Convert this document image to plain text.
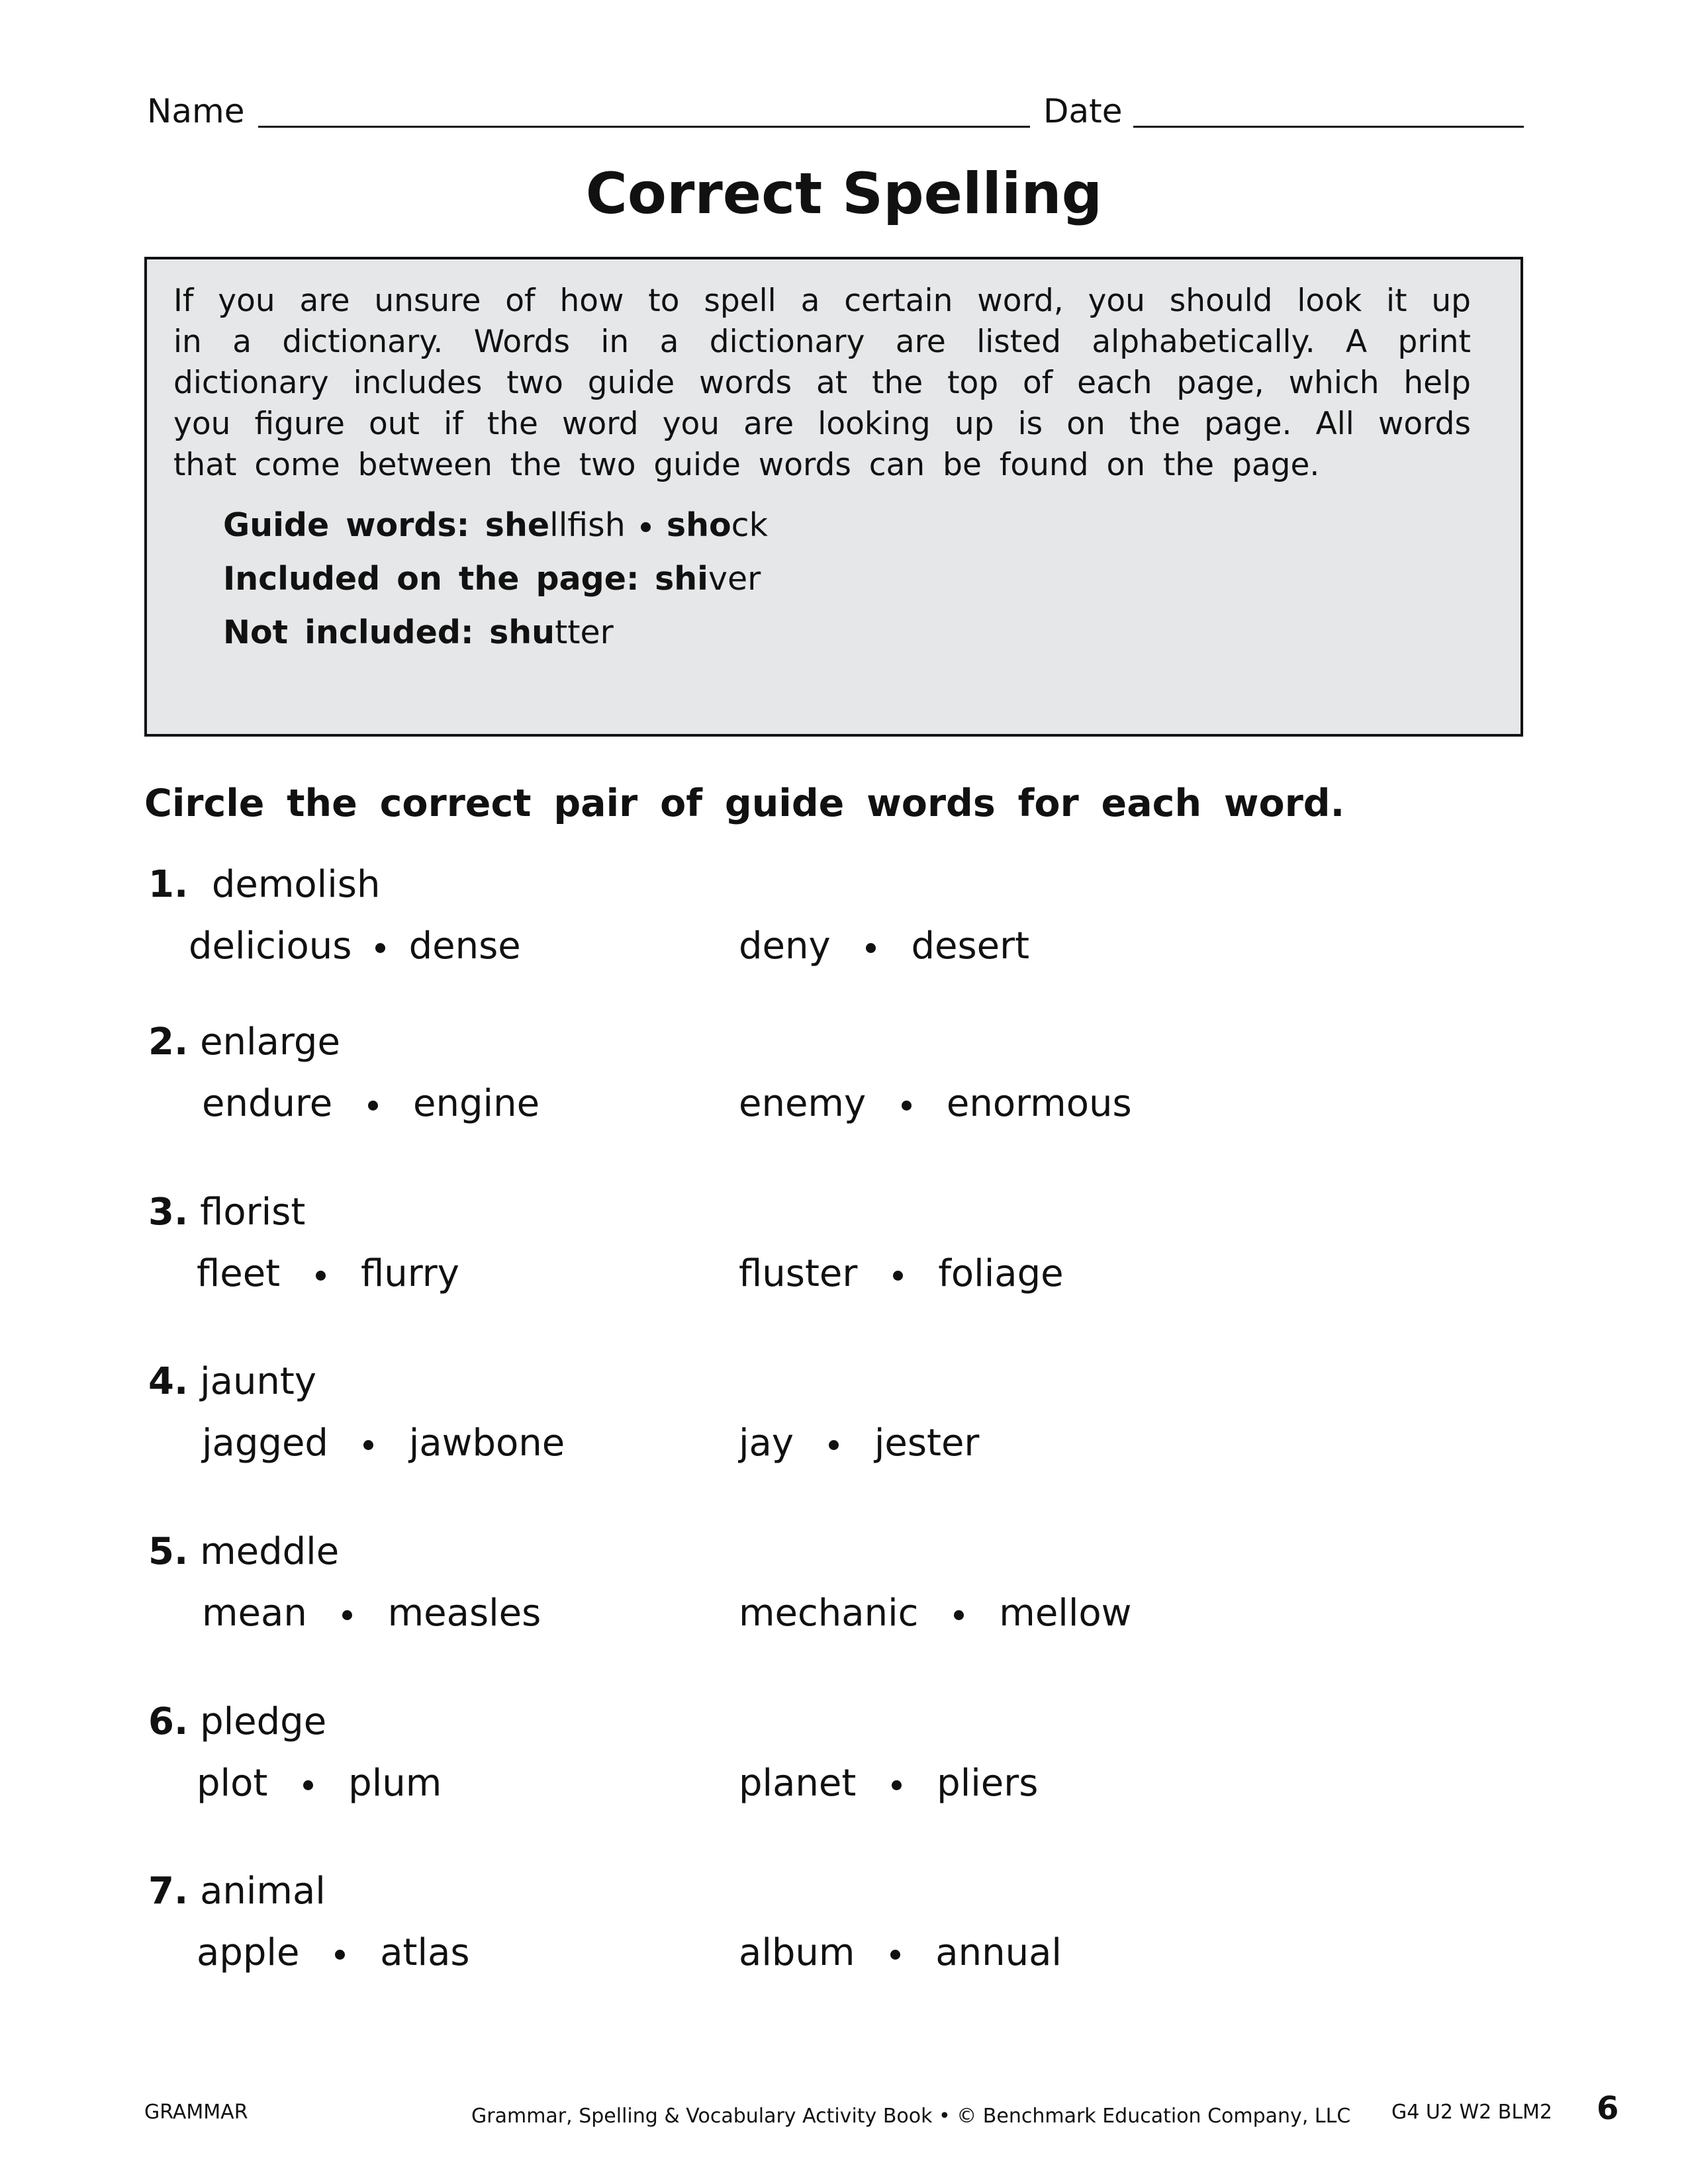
Name	Date
Correct Spelling
If you are unsure of how to spell a certain word, you should look it up
in a dictionary. Words in a dictionary are listed alphabetically. A print
dictionary includes two guide words at the top of each page, which help
you figure out if the word you are looking up is on the page. All words
that come between the two guide words can be found on the page.
Guide words: shellfish shock
Included on the page: shiver
Not included: shutter
Circle the correct pair of guide words for each word.
1. demolish
delicious dense	deny desert
2. enlarge
endure engine	enemy enormous
3. florist
fleet flurry	fluster foliage
4. jaunty
jagged jawbone	jay jester
5. meddle
mean measles	mechanic mellow
6. pledge
plot plum	planet pliers
7. animal
apple atlas	album annual
GRAMMAR	Grammar, Spelling & Vocabulary Activity Book • © Benchmark Education Company, LLC G4 U2 W2 BLM2 6
